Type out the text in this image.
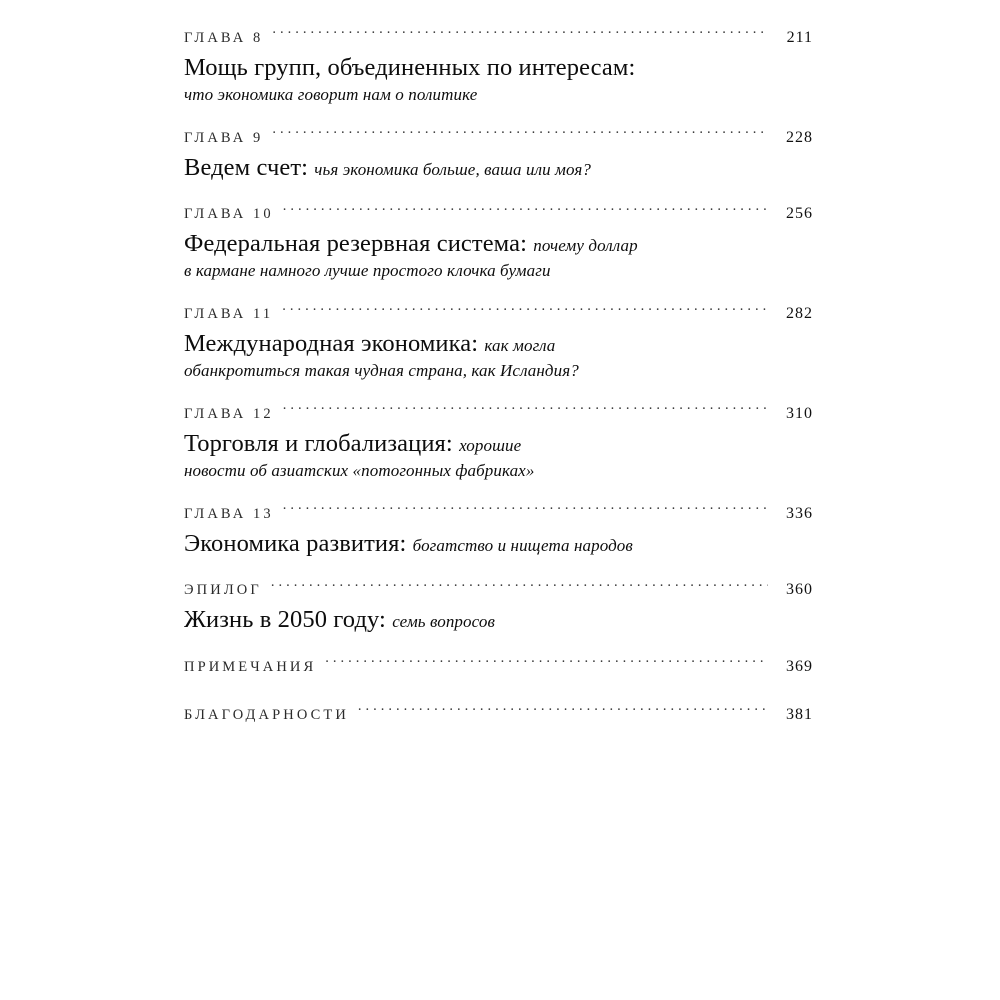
ГЛАВА 8 .....	211
Мощь групп, объединенных по интересам:
что экономика говорит нам о политике
ГЛАВА 9 .....	228
Ведем счет: чья экономика больше, ваша или моя?
ГЛАВА 10 .....	256
Федеральная резервная система: почему доллар
в кармане намного лучше простого клочка бумаги
ГЛАВА 11 .....	282
Международная экономика: как могла
обанкротиться такая чудная страна, как Исландия?
ГЛАВА 12 .....	310
Торговля и глобализация: хорошие
новости об азиатских «потогонных фабриках»
ГЛАВА 13 .....	336
Экономика развития: богатство и нищета народов
ЭПИЛОГ .....	360
Жизнь в 2050 году: семь вопросов
ПРИМЕЧАНИЯ .....	369
БЛАГОДАРНОСТИ .....	381
